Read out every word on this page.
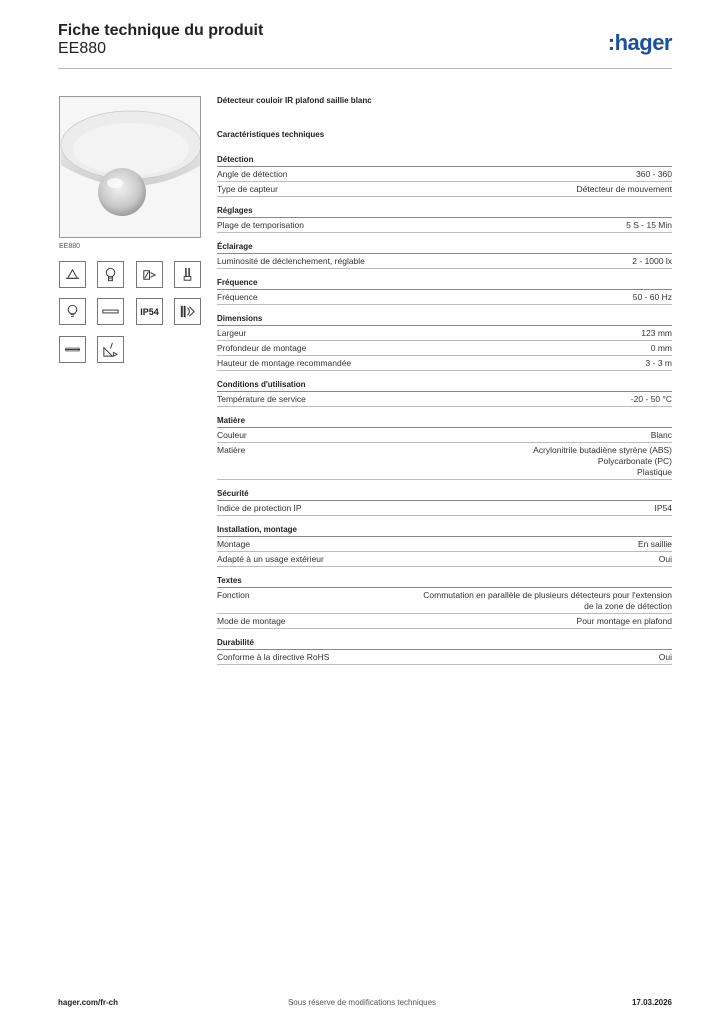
Fiche technique du produit
EE880	:hager
EE880
IP54
Détecteur couloir IR plafond saillie blanc
Caractéristiques techniques
Détection
Angle de détection	360 - 360
Type de capteur	Détecteur de mouvement
Réglages
Plage de temporisation	5 S - 15 Min
Éclairage
Luminosité de déclenchement, réglable	2 - 1000 lx
Fréquence
Fréquence	50 - 60 Hz
Dimensions
Largeur	123 mm
Profondeur de montage	0 mm
Hauteur de montage recommandée	3 - 3 m
Conditions d'utilisation
Température de service	-20 - 50 °C
Matière
Couleur	Blanc
Matière	Acrylonitrile butadiène styrène (ABS)
Polycarbonate (PC)
Plastique
Sécurité
Indice de protection IP	IP54
Installation, montage
Montage	En saillie
Adapté à un usage extérieur	Oui
Textes
Fonction	Commutation en parallèle de plusieurs détecteurs pour l'extension
de la zone de détection
Mode de montage	Pour montage en plafond
Durabilité
Conforme à la directive RoHS	Oui
hager.com/fr-ch	Sous réserve de modifications techniques	17.03.2026
